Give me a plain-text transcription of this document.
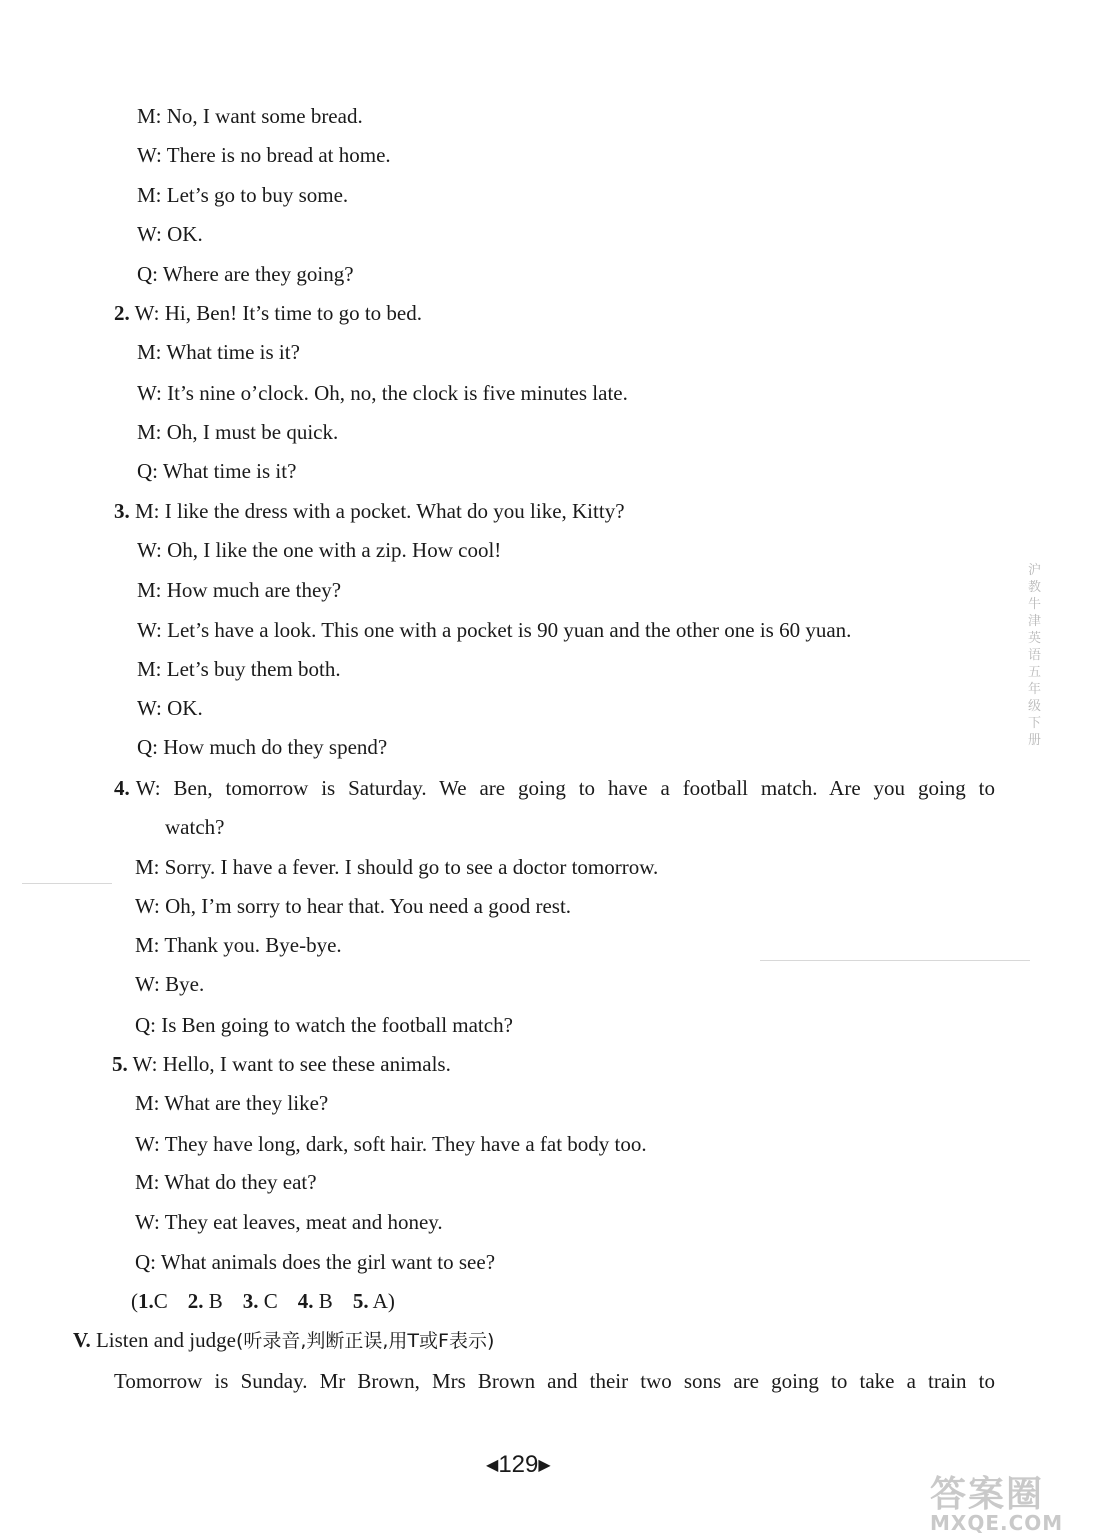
M: No, I want some bread.
W: There is no bread at home.
M: Let’s go to buy some.
W: OK.
Q: Where are they going?
2. W: Hi, Ben! It’s time to go to bed.
M: What time is it?
W: It’s nine o’clock. Oh, no, the clock is five minutes late.
M: Oh, I must be quick.
Q: What time is it?
3. M: I like the dress with a pocket. What do you like, Kitty?
W: Oh, I like the one with a zip. How cool!
M: How much are they?
W: Let’s have a look. This one with a pocket is 90 yuan and the other one is 60 yuan.
M: Let’s buy them both.
W: OK.
Q: How much do they spend?
4. W: Ben, tomorrow is Saturday. We are going to have a football match. Are you going to
watch?
M: Sorry. I have a fever. I should go to see a doctor tomorrow.
W: Oh, I’m sorry to hear that. You need a good rest.
M: Thank you. Bye-bye.
W: Bye.
Q: Is Ben going to watch the football match?
5. W: Hello, I want to see these animals.
M: What are they like?
W: They have long, dark, soft hair. They have a fat body too.
M: What do they eat?
W: They eat leaves, meat and honey.
Q: What animals does the girl want to see?
(1.C 2. B 3. C 4. B 5. A)
V. Listen and judge(听录音,判断正误,用T或F表示)
Tomorrow is Sunday. Mr Brown, Mrs Brown and their two sons are going to take a train to
◀129▶
沪教牛津英语五年级下册
答案圈
MXQE.COM
